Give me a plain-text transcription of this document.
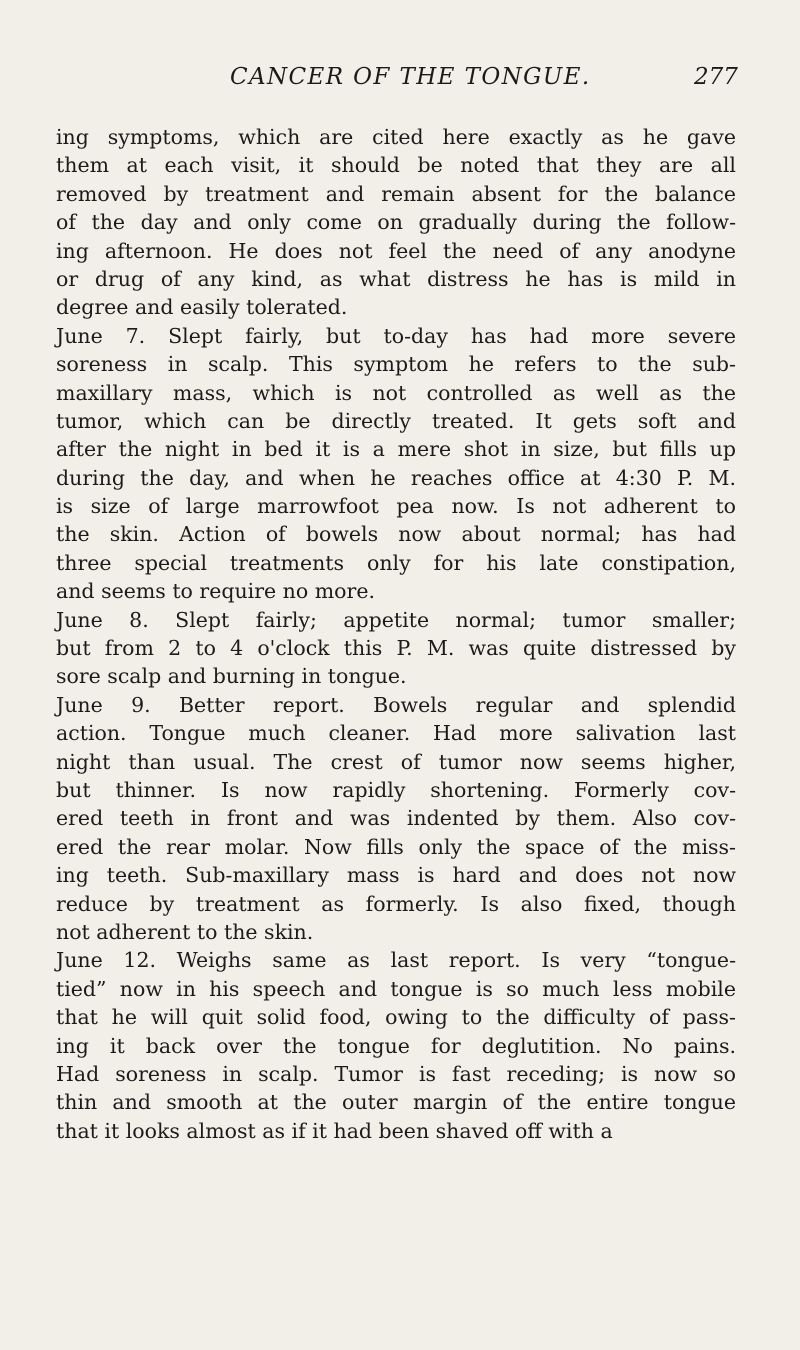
CANCER OF THE TONGUE.	277
ing symptoms, which are cited here exactly as he gave
them at each visit, it should be noted that they are all
removed by treatment and remain absent for the balance
of the day and only come on gradually during the follow-
ing afternoon. He does not feel the need of any anodyne
or drug of any kind, as what distress he has is mild in
degree and easily tolerated.
June 7. Slept fairly, but to-day has had more severe
soreness in scalp. This symptom he refers to the sub-
maxillary mass, which is not controlled as well as the
tumor, which can be directly treated. It gets soft and
after the night in bed it is a mere shot in size, but fills up
during the day, and when he reaches office at 4:30 P. M.
is size of large marrowfoot pea now. Is not adherent to
the skin. Action of bowels now about normal; has had
three special treatments only for his late constipation,
and seems to require no more.
June 8. Slept fairly; appetite normal; tumor smaller;
but from 2 to 4 o'clock this P. M. was quite distressed by
sore scalp and burning in tongue.
June 9. Better report. Bowels regular and splendid
action. Tongue much cleaner. Had more salivation last
night than usual. The crest of tumor now seems higher,
but thinner. Is now rapidly shortening. Formerly cov-
ered teeth in front and was indented by them. Also cov-
ered the rear molar. Now fills only the space of the miss-
ing teeth. Sub-maxillary mass is hard and does not now
reduce by treatment as formerly. Is also fixed, though
not adherent to the skin.
June 12. Weighs same as last report. Is very “tongue-
tied” now in his speech and tongue is so much less mobile
that he will quit solid food, owing to the difficulty of pass-
ing it back over the tongue for deglutition. No pains.
Had soreness in scalp. Tumor is fast receding; is now so
thin and smooth at the outer margin of the entire tongue
that it looks almost as if it had been shaved off with a
